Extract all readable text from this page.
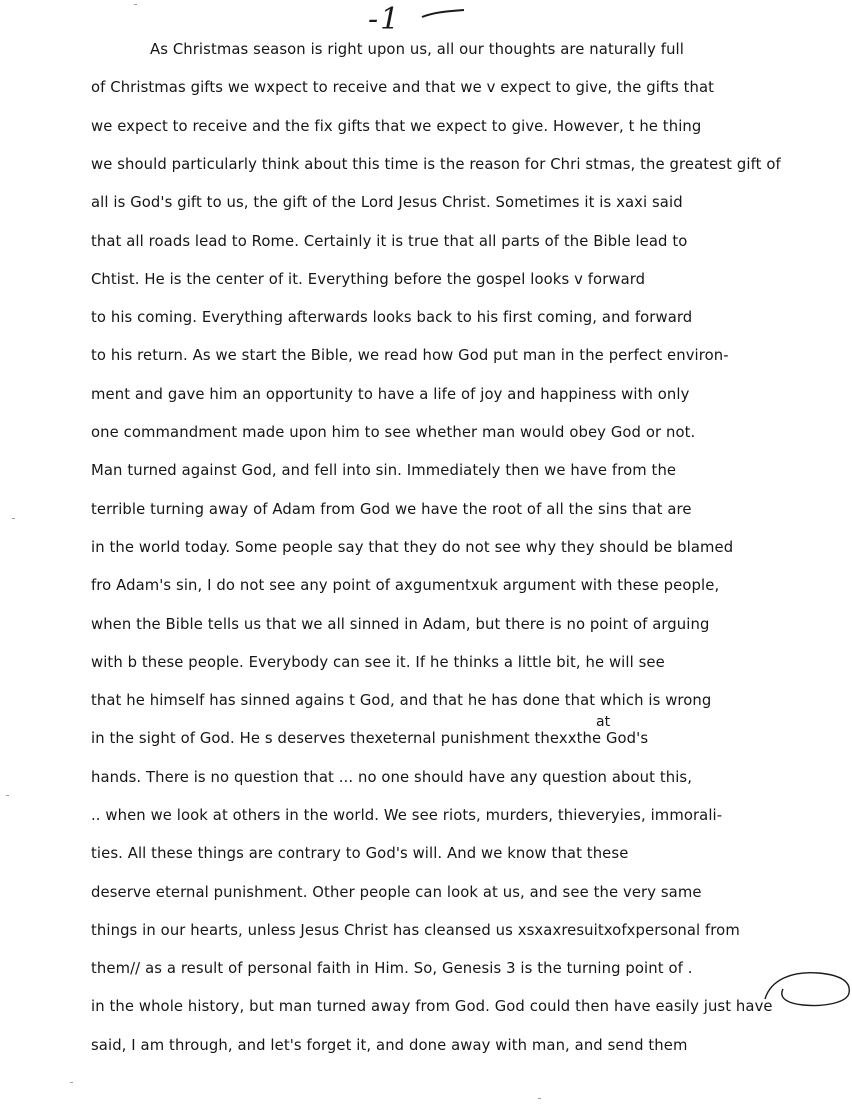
-1
at
As Christmas season is right upon us, all our thoughts are naturally full
of Christmas gifts we wxpect to receive and that we v expect to give, the gifts that
we expect to receive and the fix gifts that we expect to give. However, t he thing
we should particularly think about this time is the reason for Chri stmas, the greatest gift of
all is God's gift to us, the gift of the Lord Jesus Christ. Sometimes it is xaxi said
that all roads lead to Rome. Certainly it is true that all parts of the Bible lead to
Chtist. He is the center of it. Everything before the gospel looks v forward
to his coming. Everything afterwards looks back to his first coming, and forward
to his return. As we start the Bible, we read how God put man in the perfect environ-
ment and gave him an opportunity to have a life of joy and happiness with only
one commandment made upon him to see whether man would obey God or not.
Man turned against God, and fell into sin. Immediately then we have from the
terrible turning away of Adam from God we have the root of all the sins that are
in the world today. Some people say that they do not see why they should be blamed
fro Adam's sin, I do not see any point of axgumentxuk argument with these people,
when the Bible tells us that we all sinned in Adam, but there is no point of arguing
with b these people. Everybody can see it. If he thinks a little bit, he will see
that he himself has sinned agains t God, and that he has done that which is wrong
in the sight of God. He s deserves thexeternal punishment thexxthe God's
hands. There is no question that ... no one should have any question about this,
.. when we look at others in the world. We see riots, murders, thieveryies, immorali-
ties. All these things are contrary to God's will. And we know that these
deserve eternal punishment. Other people can look at us, and see the very same
things in our hearts, unless Jesus Christ has cleansed us xsxaxresuitxofxpersonal from
them// as a result of personal faith in Him. So, Genesis 3 is the turning point of .
in the whole history, but man turned away from God. God could then have easily just have
said, I am through, and let's forget it, and done away with man, and send them
